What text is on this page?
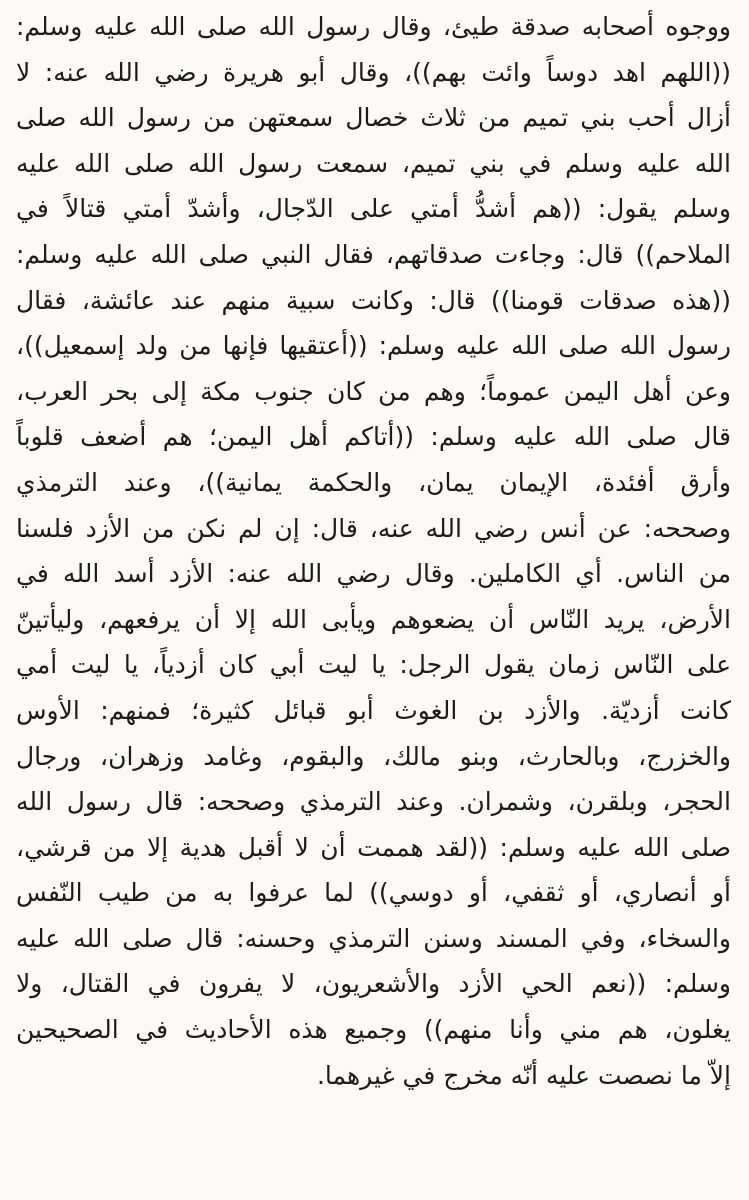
ووجوه أصحابه صدقة طيئ، وقال رسول الله صلى الله عليه وسلم:
((اللهم اهد دوساً وائت بهم))، وقال أبو هريرة رضي الله عنه: لا
أزال أحب بني تميم من ثلاث خصال سمعتهن من رسول الله صلى
الله عليه وسلم في بني تميم، سمعت رسول الله صلى الله عليه
وسلم يقول: ((هم أشدُّ أمتي على الدّجال، وأشدّ أمتي قتالاً في
الملاحم)) قال: وجاءت صدقاتهم، فقال النبي صلى الله عليه وسلم:
((هذه صدقات قومنا)) قال: وكانت سبية منهم عند عائشة، فقال
رسول الله صلى الله عليه وسلم: ((أعتقيها فإنها من ولد إسمعيل))،
وعن أهل اليمن عموماً؛ وهم من كان جنوب مكة إلى بحر العرب،
قال صلى الله عليه وسلم: ((أتاكم أهل اليمن؛ هم أضعف قلوباً
وأرق أفئدة، الإيمان يمان، والحكمة يمانية))، وعند الترمذي
وصححه: عن أنس رضي الله عنه، قال: إن لم نكن من الأزد فلسنا
من الناس. أي الكاملين. وقال رضي الله عنه: الأزد أسد الله في
الأرض، يريد النّاس أن يضعوهم ويأبى الله إلا أن يرفعهم، وليأتينّ
على النّاس زمان يقول الرجل: يا ليت أبي كان أزدياً، يا ليت أمي
كانت أزديّة. والأزد بن الغوث أبو قبائل كثيرة؛ فمنهم: الأوس
والخزرج، وبالحارث، وبنو مالك، والبقوم، وغامد وزهران، ورجال
الحجر، وبلقرن، وشمران. وعند الترمذي وصححه: قال رسول الله
صلى الله عليه وسلم: ((لقد هممت أن لا أقبل هدية إلا من قرشي،
أو أنصاري، أو ثقفي، أو دوسي)) لما عرفوا به من طيب النّفس
والسخاء، وفي المسند وسنن الترمذي وحسنه: قال صلى الله عليه
وسلم: ((نعم الحي الأزد والأشعريون، لا يفرون في القتال، ولا
يغلون، هم مني وأنا منهم)) وجميع هذه الأحاديث في الصحيحين
إلاّ ما نصصت عليه أنّه مخرج في غيرهما.
